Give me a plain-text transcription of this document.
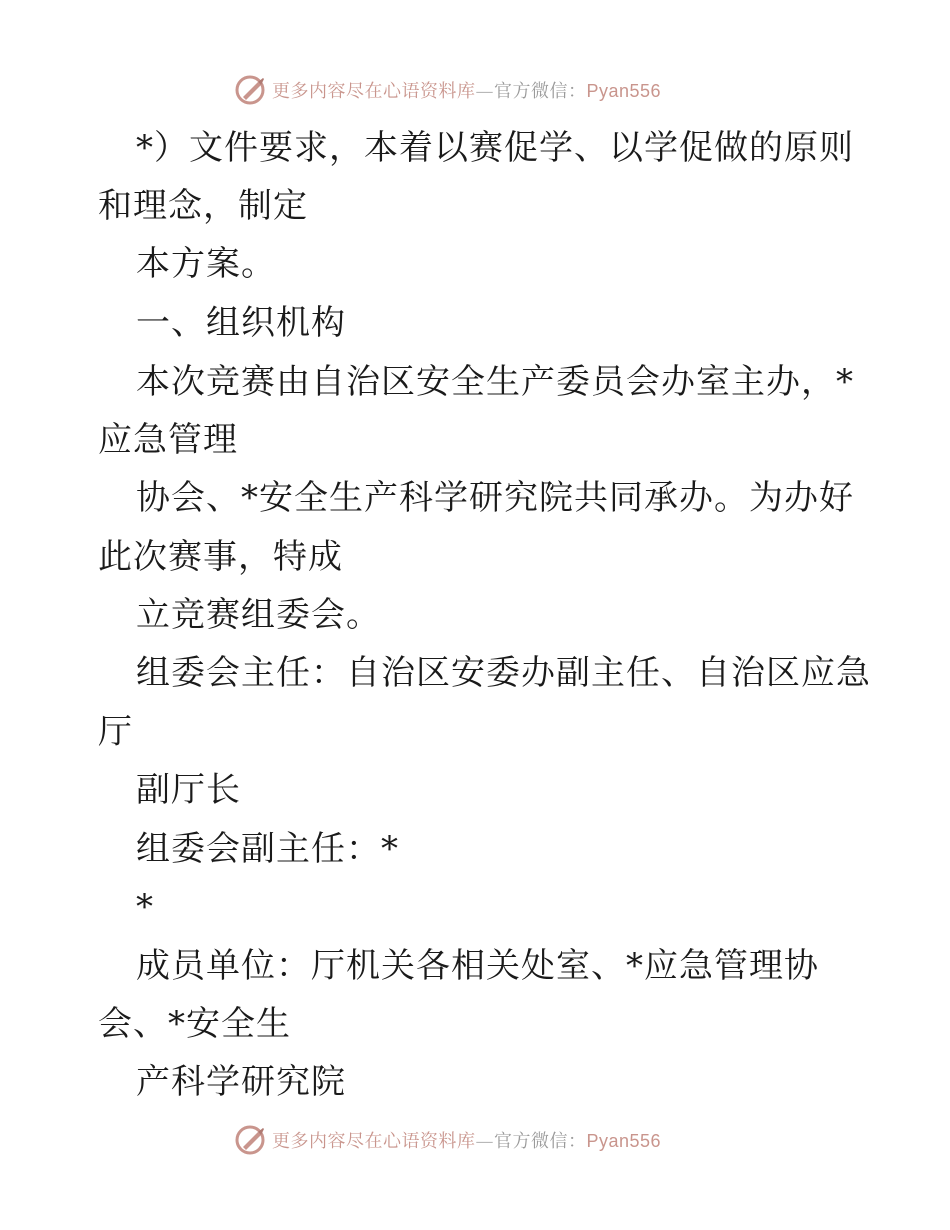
更多内容尽在心语资料库—官方微信：Pyan556
*）文件要求，本着以赛促学、以学促做的原则
和理念，制定
本方案。
一、组织机构
本次竞赛由自治区安全生产委员会办室主办，*
应急管理
协会、*安全生产科学研究院共同承办。为办好
此次赛事，特成
立竞赛组委会。
组委会主任：自治区安委办副主任、自治区应急
厅
副厅长
组委会副主任：*
*
成员单位：厅机关各相关处室、*应急管理协
会、*安全生
产科学研究院
更多内容尽在心语资料库—官方微信：Pyan556
